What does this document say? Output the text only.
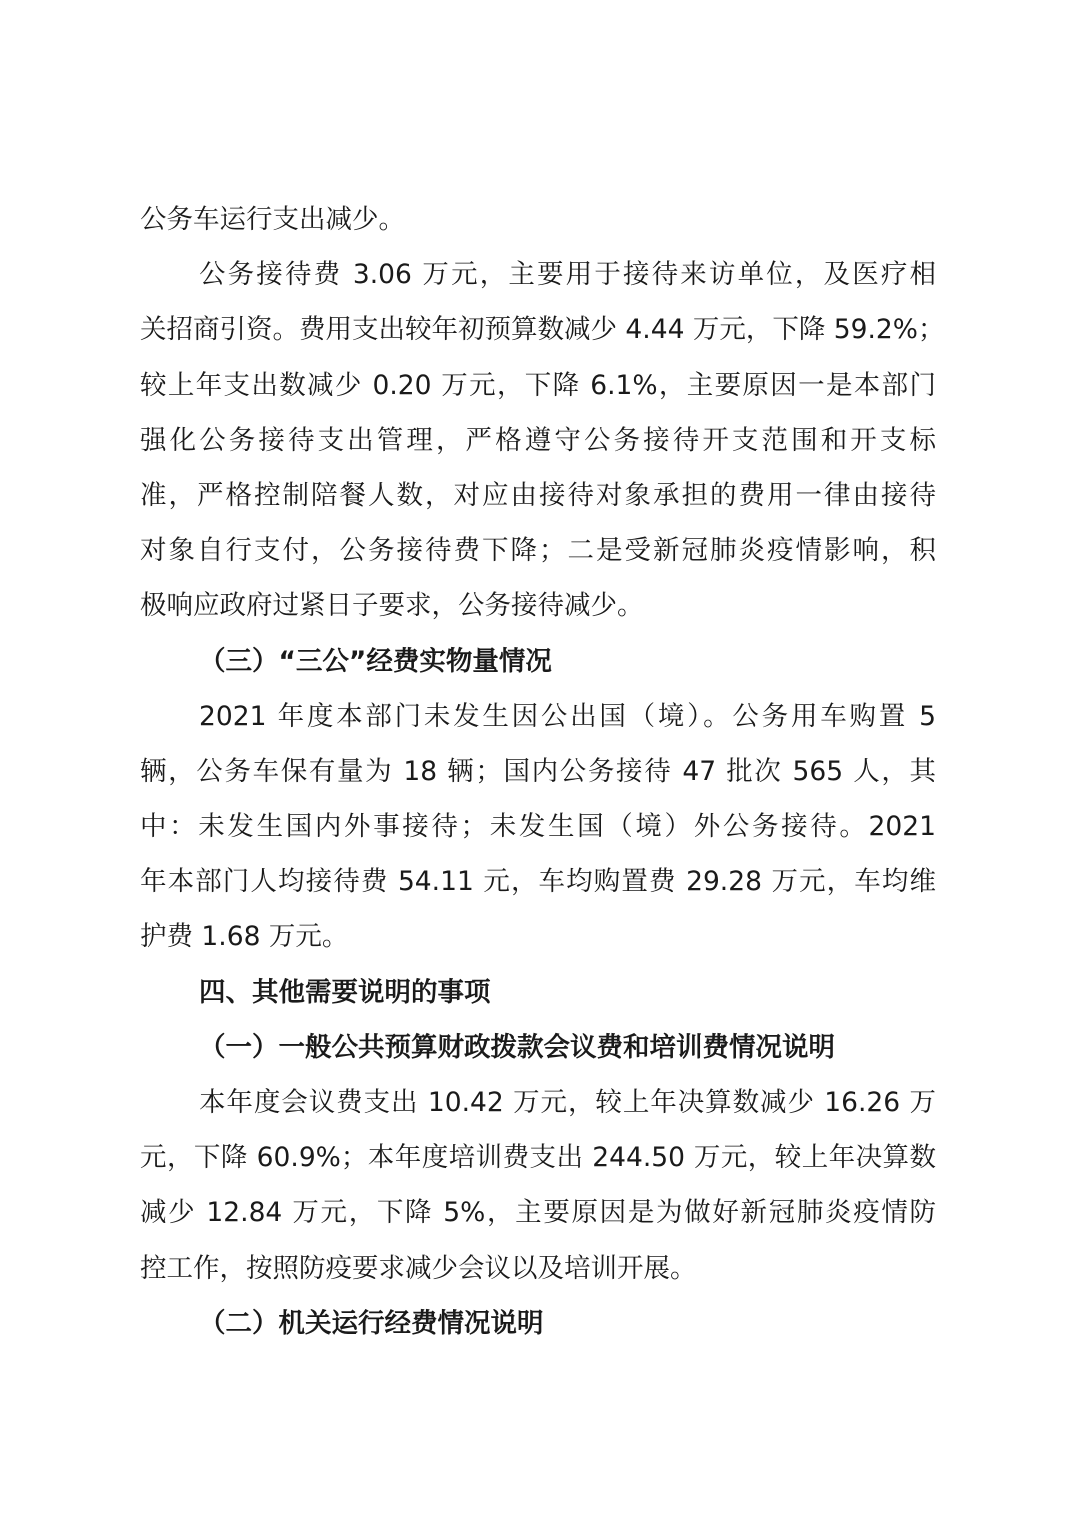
公务车运行支出减少。
公务接待费 3.06 万元，主要用于接待来访单位，及医疗相
关招商引资。费用支出较年初预算数减少 4.44 万元，下降 59.2%；
较上年支出数减少 0.20 万元，下降 6.1%，主要原因一是本部门
强化公务接待支出管理，严格遵守公务接待开支范围和开支标
准，严格控制陪餐人数，对应由接待对象承担的费用一律由接待
对象自行支付，公务接待费下降；二是受新冠肺炎疫情影响，积
极响应政府过紧日子要求，公务接待减少。
（三）“三公”经费实物量情况
2021 年度本部门未发生因公出国（境）。公务用车购置 5
辆，公务车保有量为 18 辆；国内公务接待 47 批次 565 人，其
中：未发生国内外事接待；未发生国（境）外公务接待。2021
年本部门人均接待费 54.11 元，车均购置费 29.28 万元，车均维
护费 1.68 万元。
四、其他需要说明的事项
（一）一般公共预算财政拨款会议费和培训费情况说明
本年度会议费支出 10.42 万元，较上年决算数减少 16.26 万
元，下降 60.9%；本年度培训费支出 244.50 万元，较上年决算数
减少 12.84 万元，下降 5%，主要原因是为做好新冠肺炎疫情防
控工作，按照防疫要求减少会议以及培训开展。
（二）机关运行经费情况说明
